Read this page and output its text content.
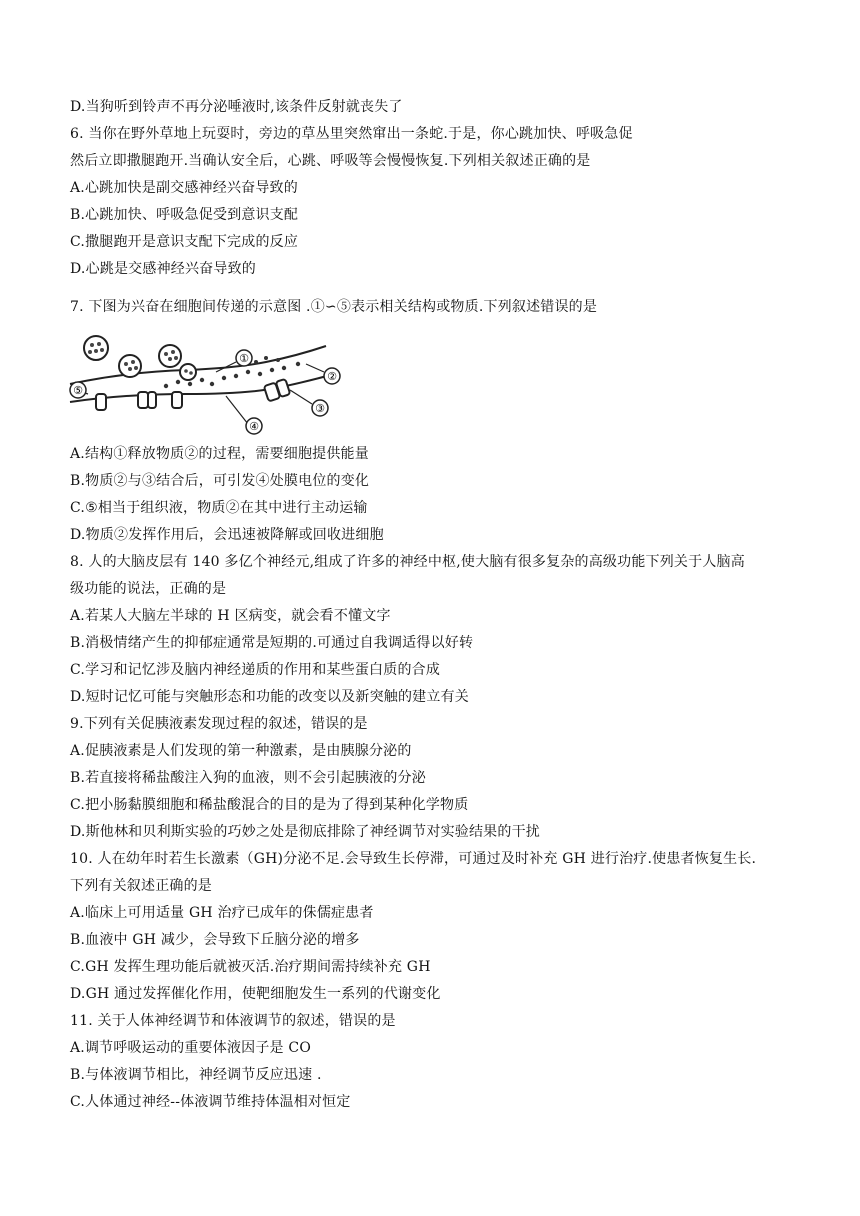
D.当狗听到铃声不再分泌唾液时,该条件反射就丧失了
6. 当你在野外草地上玩耍时，旁边的草丛里突然窜出一条蛇.于是，你心跳加快、呼吸急促
然后立即撒腿跑开.当确认安全后，心跳、呼吸等会慢慢恢复.下列相关叙述正确的是
A.心跳加快是副交感神经兴奋导致的
B.心跳加快、呼吸急促受到意识支配
C.撒腿跑开是意识支配下完成的反应
D.心跳是交感神经兴奋导致的
7. 下图为兴奋在细胞间传递的示意图 .①∽⑤表示相关结构或物质.下列叙述错误的是
①
②
③
④
⑤
A.结构①释放物质②的过程，需要细胞提供能量
B.物质②与③结合后，可引发④处膜电位的变化
C.⑤相当于组织液，物质②在其中进行主动运输
D.物质②发挥作用后，会迅速被降解或回收进细胞
8. 人的大脑皮层有 140 多亿个神经元,组成了许多的神经中枢,使大脑有很多复杂的高级功能下列关于人脑高
级功能的说法，正确的是
A.若某人大脑左半球的 H 区病变，就会看不懂文字
B.消极情绪产生的抑郁症通常是短期的.可通过自我调适得以好转
C.学习和记忆涉及脑内神经递质的作用和某些蛋白质的合成
D.短时记忆可能与突触形态和功能的改变以及新突触的建立有关
9.下列有关促胰液素发现过程的叙述，错误的是
A.促胰液素是人们发现的第一种激素，是由胰腺分泌的
B.若直接将稀盐酸注入狗的血液，则不会引起胰液的分泌
C.把小肠黏膜细胞和稀盐酸混合的目的是为了得到某种化学物质
D.斯他林和贝利斯实验的巧妙之处是彻底排除了神经调节对实验结果的干扰
10. 人在幼年时若生长激素（GH)分泌不足.会导致生长停滞，可通过及时补充 GH 进行治疗.使患者恢复生长.
下列有关叙述正确的是
A.临床上可用适量 GH 治疗已成年的侏儒症患者
B.血液中 GH 减少，会导致下丘脑分泌的增多
C.GH 发挥生理功能后就被灭活.治疗期间需持续补充 GH
D.GH 通过发挥催化作用，使靶细胞发生一系列的代谢变化
11. 关于人体神经调节和体液调节的叙述，错误的是
A.调节呼吸运动的重要体液因子是 CO
B.与体液调节相比，神经调节反应迅速 .
C.人体通过神经--体液调节维持体温相对恒定
